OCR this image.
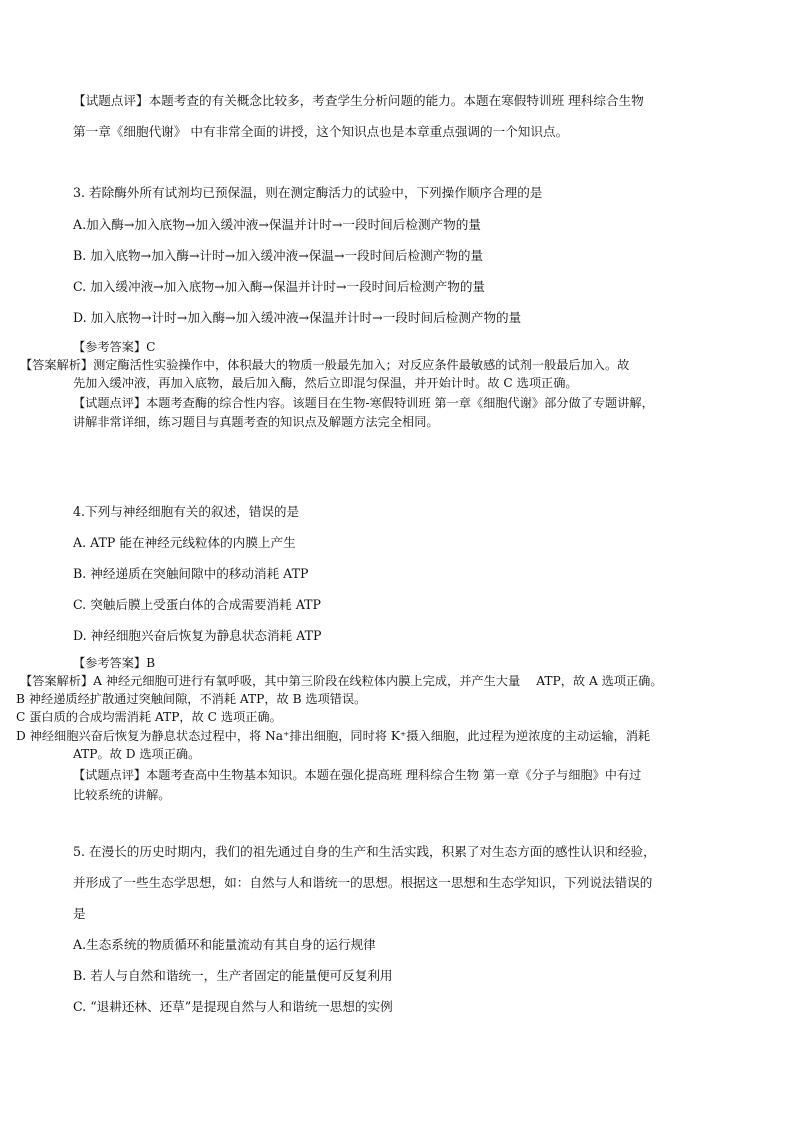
【试题点评】本题考查的有关概念比较多，考查学生分析问题的能力。本题在寒假特训班 理科综合生物
第一章《细胞代谢》 中有非常全面的讲授，这个知识点也是本章重点强调的一个知识点。
3. 若除酶外所有试剂均已预保温，则在测定酶活力的试验中，下列操作顺序合理的是
A.加入酶→加入底物→加入缓冲液→保温并计时→一段时间后检测产物的量
B. 加入底物→加入酶→计时→加入缓冲液→保温→一段时间后检测产物的量
C. 加入缓冲液→加入底物→加入酶→保温并计时→一段时间后检测产物的量
D. 加入底物→计时→加入酶→加入缓冲液→保温并计时→一段时间后检测产物的量
【参考答案】C
【答案解析】测定酶活性实验操作中，体积最大的物质一般最先加入；对反应条件最敏感的试剂一般最后加入。故
先加入缓冲液，再加入底物，最后加入酶，然后立即混匀保温，并开始计时。故 C 选项正确。
【试题点评】本题考查酶的综合性内容。该题目在生物-寒假特训班 第一章《细胞代谢》部分做了专题讲解，
讲解非常详细，练习题目与真题考查的知识点及解题方法完全相同。
4.下列与神经细胞有关的叙述，错误的是
A. ATP 能在神经元线粒体的内膜上产生
B. 神经递质在突触间隙中的移动消耗 ATP
C. 突触后膜上受蛋白体的合成需要消耗 ATP
D. 神经细胞兴奋后恢复为静息状态消耗 ATP
【参考答案】B
【答案解析】A 神经元细胞可进行有氧呼吸，其中第三阶段在线粒体内膜上完成，并产生大量　 ATP，故 A 选项正确。
B 神经递质经扩散通过突触间隙，不消耗 ATP，故 B 选项错误。
C 蛋白质的合成均需消耗 ATP，故 C 选项正确。
D 神经细胞兴奋后恢复为静息状态过程中，将 Na⁺排出细胞，同时将 K⁺摄入细胞，此过程为逆浓度的主动运输，消耗
ATP。故 D 选项正确。
【试题点评】本题考查高中生物基本知识。本题在强化提高班 理科综合生物 第一章《分子与细胞》中有过
比较系统的讲解。
5. 在漫长的历史时期内，我们的祖先通过自身的生产和生活实践，积累了对生态方面的感性认识和经验，
并形成了一些生态学思想，如：自然与人和谐统一的思想。根据这一思想和生态学知识，下列说法错误的
是
A.生态系统的物质循环和能量流动有其自身的运行规律
B. 若人与自然和谐统一，生产者固定的能量便可反复利用
C. “退耕还林、还草”是提现自然与人和谐统一思想的实例
